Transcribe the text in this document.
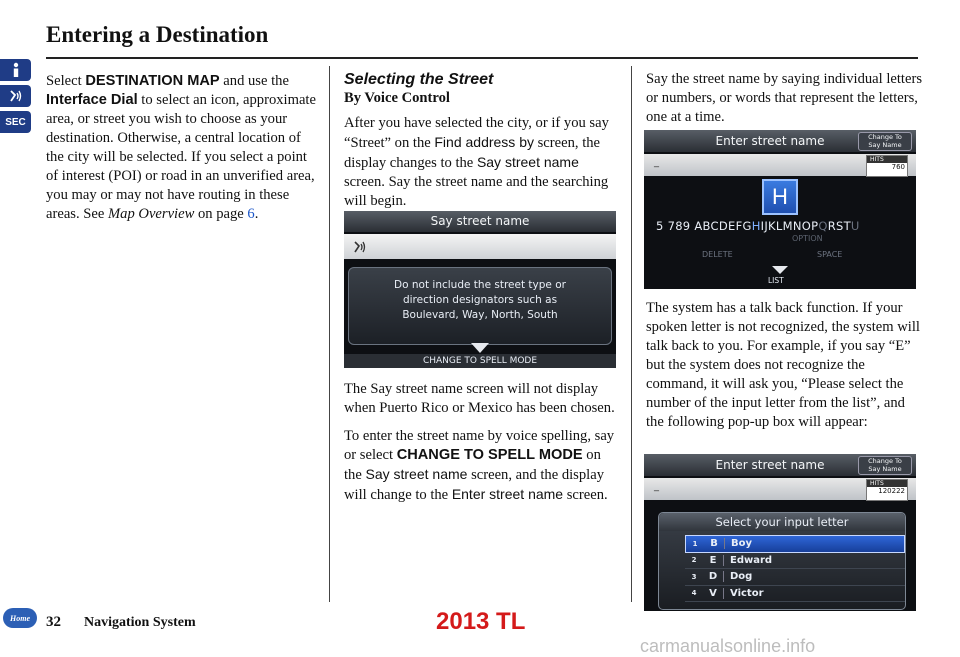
Entering a Destination
SEC

Select DESTINATION MAP and use the Interface Dial to select an icon, approximate area, or street you wish to choose as your destination. Otherwise, a central location of the city will be selected. If you select a point of interest (POI) or road in an unverified area, you may or may not have routing in these areas. See Map Overview on page 6.

Selecting the Street
By Voice Control

After you have selected the city, or if you say “Street” on the Find address by screen, the display changes to the Say street name screen. Say the street name and the searching will begin.

Say street name
Do not include the street type or
direction designators such as
Boulevard, Way, North, South
CHANGE TO SPELL MODE

The Say street name screen will not display when Puerto Rico or Mexico has been chosen.

To enter the street name by voice spelling, say or select CHANGE TO SPELL MODE on the Say street name screen, and the display will change to the Enter street name screen.

Say the street name by saying individual letters or numbers, or words that represent the letters, one at a time.

Enter street name	Change To
Say Name
_	HITS
760
H
5 789 ABCDEFGHIJKLMNOPQRSTU
OPTION
DELETE	SPACE
LIST

The system has a talk back function. If your spoken letter is not recognized, the system will talk back to you. For example, if you say “E” but the system does not recognize the command, it will ask you, “Please select the number of the input letter from the list”, and the following pop-up box will appear:

Enter street name	Change To
Say Name
_	HITS
120222
Select your input letter
1	B	Boy
2	E	Edward
3	D	Dog
4	V	Victor
Home	32 Navigation System	2013 TL
carmanualsonline.info
